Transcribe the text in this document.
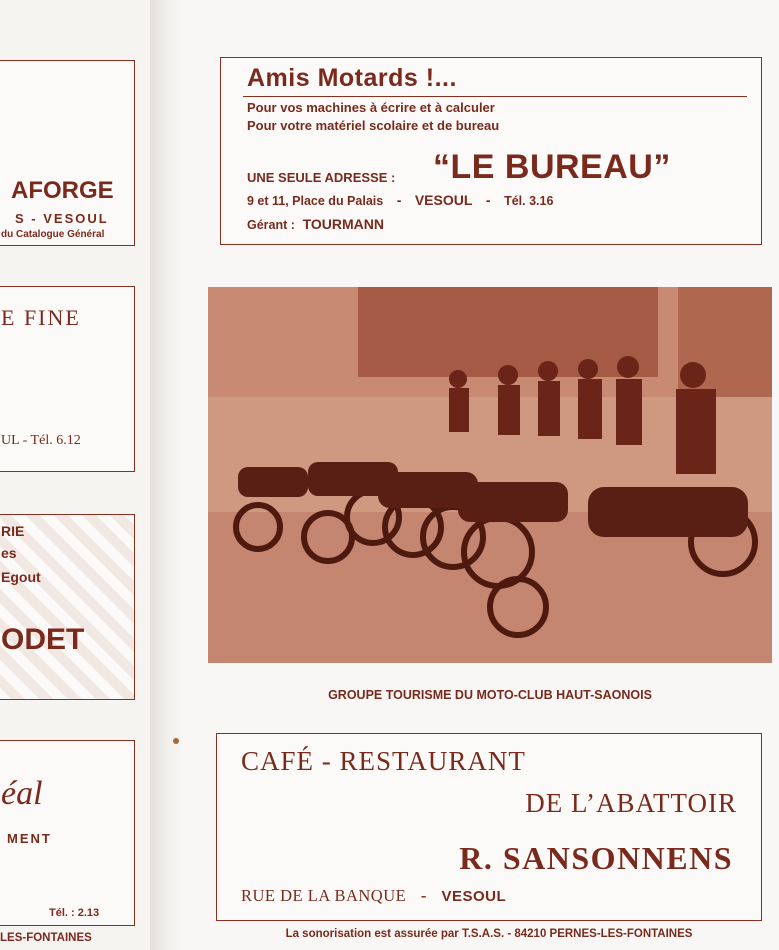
AFORGE
S - VESOUL
du Catalogue Général
E FINE
UL - Tél. 6.12
RIE
es
Egout
ODET
éal
MENT
Tél. : 2.13
LES-FONTAINES
Amis Motards !...
Pour vos machines à écrire et à calculer
Pour votre matériel scolaire et de bureau
UNE SEULE ADRESSE : “LE BUREAU”
9 et 11, Place du Palais - VESOUL - Tél. 3.16
Gérant : TOURMANN
GROUPE TOURISME DU MOTO-CLUB HAUT-SAONOIS
CAFÉ - RESTAURANT
DE L’ABATTOIR
R. SANSONNENS
RUE DE LA BANQUE - VESOUL
La sonorisation est assurée par T.S.A.S. - 84210 PERNES-LES-FONTAINES
